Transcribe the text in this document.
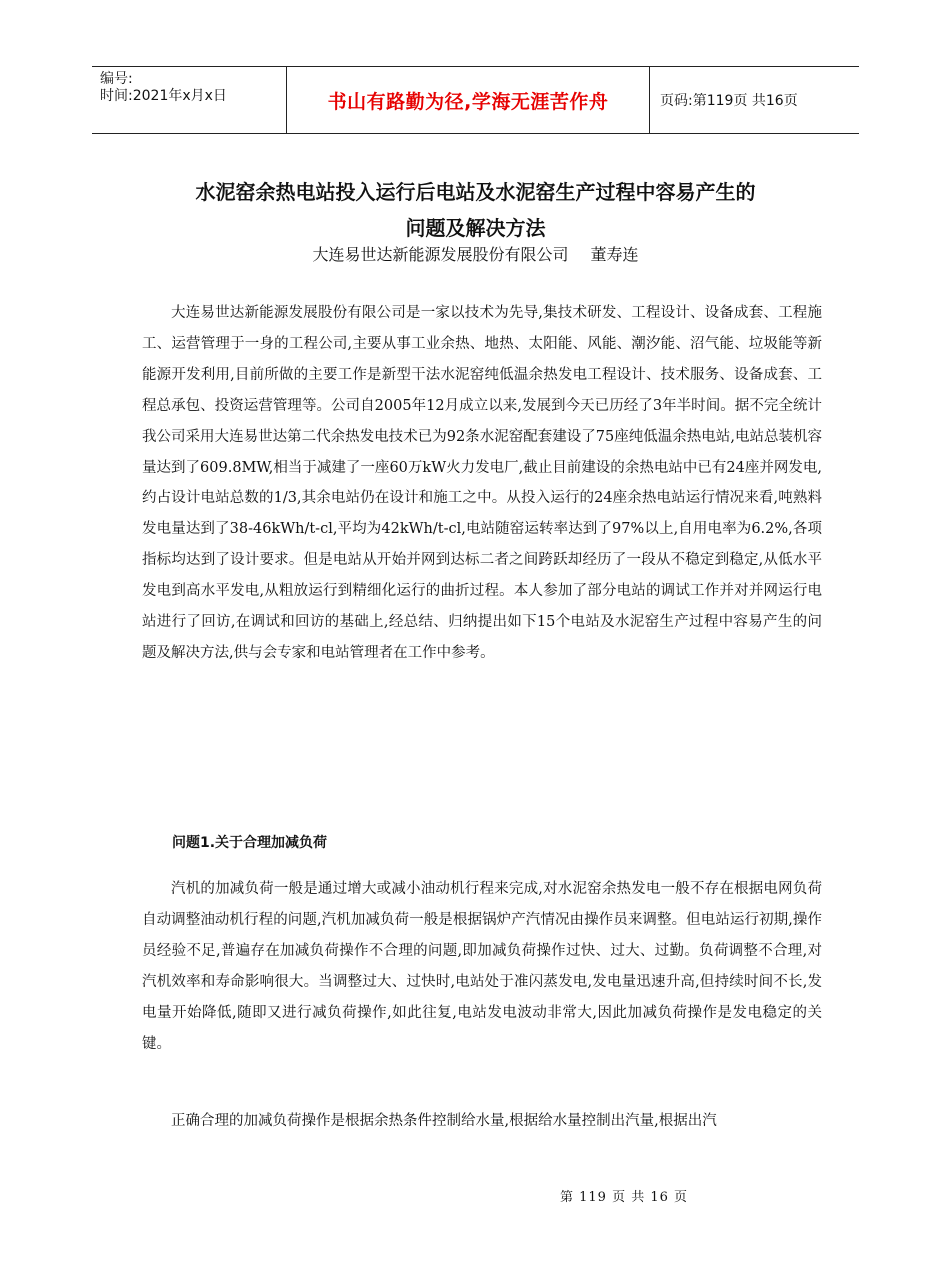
编号:
时间:2021年x月x日	书山有路勤为径,学海无涯苦作舟	页码:第119页 共16页
水泥窑余热电站投入运行后电站及水泥窑生产过程中容易产生的
问题及解决方法
大连易世达新能源发展股份有限公司 董寿连

大连易世达新能源发展股份有限公司是一家以技术为先导,集技术研发、工程设计、设备成套、工程施工、运营管理于一身的工程公司,主要从事工业余热、地热、太阳能、风能、潮汐能、沼气能、垃圾能等新能源开发利用,目前所做的主要工作是新型干法水泥窑纯低温余热发电工程设计、技术服务、设备成套、工程总承包、投资运营管理等。公司自2005年12月成立以来,发展到今天已历经了3年半时间。据不完全统计我公司采用大连易世达第二代余热发电技术已为92条水泥窑配套建设了75座纯低温余热电站,电站总装机容量达到了609.8MW,相当于减建了一座60万kW火力发电厂,截止目前建设的余热电站中已有24座并网发电,约占设计电站总数的1/3,其余电站仍在设计和施工之中。从投入运行的24座余热电站运行情况来看,吨熟料发电量达到了38-46kWh/t-cl,平均为42kWh/t-cl,电站随窑运转率达到了97%以上,自用电率为6.2%,各项指标均达到了设计要求。但是电站从开始并网到达标二者之间跨跃却经历了一段从不稳定到稳定,从低水平发电到高水平发电,从粗放运行到精细化运行的曲折过程。本人参加了部分电站的调试工作并对并网运行电站进行了回访,在调试和回访的基础上,经总结、归纳提出如下15个电站及水泥窑生产过程中容易产生的问题及解决方法,供与会专家和电站管理者在工作中参考。

问题1.关于合理加减负荷

汽机的加减负荷一般是通过增大或减小油动机行程来完成,对水泥窑余热发电一般不存在根据电网负荷自动调整油动机行程的问题,汽机加减负荷一般是根据锅炉产汽情况由操作员来调整。但电站运行初期,操作员经验不足,普遍存在加减负荷操作不合理的问题,即加减负荷操作过快、过大、过勤。负荷调整不合理,对汽机效率和寿命影响很大。当调整过大、过快时,电站处于准闪蒸发电,发电量迅速升高,但持续时间不长,发电量开始降低,随即又进行减负荷操作,如此往复,电站发电波动非常大,因此加减负荷操作是发电稳定的关键。

正确合理的加减负荷操作是根据余热条件控制给水量,根据给水量控制出汽量,根据出汽

第 119 页 共 16 页
